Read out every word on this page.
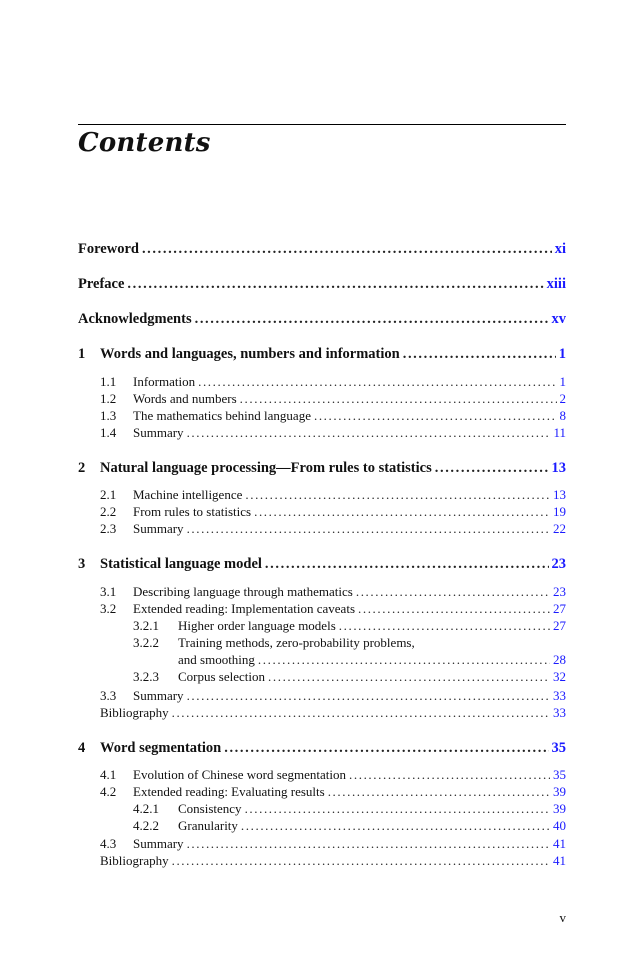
Contents
Foreword .....	xi
Preface .....	xiii
Acknowledgments .....	xv
1	Words and languages, numbers and information .....	1
1.1	Information .....	1
1.2	Words and numbers .....	2
1.3	The mathematics behind language .....	8
1.4	Summary .....	11
2	Natural language processing—From rules to statistics .....	13
2.1	Machine intelligence .....	13
2.2	From rules to statistics .....	19
2.3	Summary .....	22
3	Statistical language model .....	23
3.1	Describing language through mathematics .....	23
3.2	Extended reading: Implementation caveats .....	27
3.2.1	Higher order language models .....	27
3.2.2	Training methods, zero-probability problems,
and smoothing .....	28
3.2.3	Corpus selection .....	32
3.3	Summary .....	33
Bibliography .....	33
4	Word segmentation .....	35
4.1	Evolution of Chinese word segmentation .....	35
4.2	Extended reading: Evaluating results .....	39
4.2.1	Consistency .....	39
4.2.2	Granularity .....	40
4.3	Summary .....	41
Bibliography .....	41
v
